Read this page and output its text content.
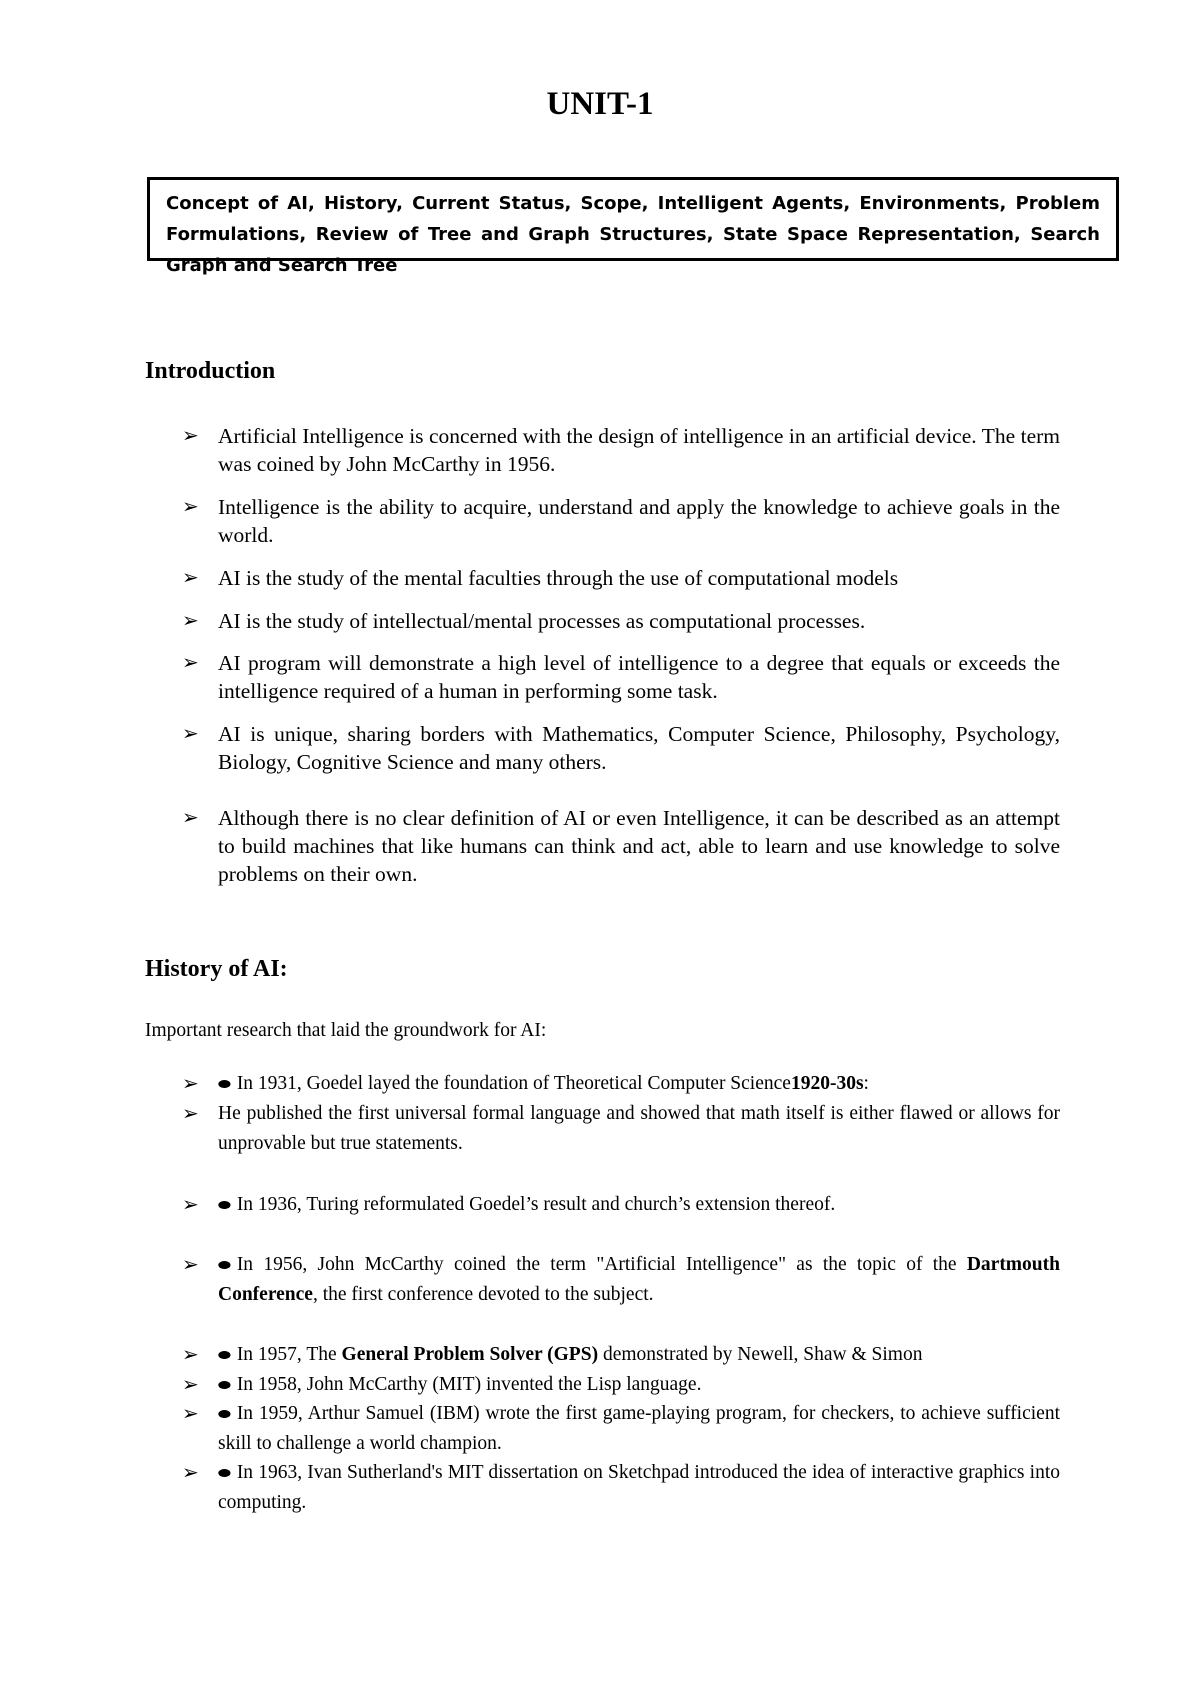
UNIT-1
Concept of AI, History, Current Status, Scope, Intelligent Agents, Environments, Problem Formulations, Review of Tree and Graph Structures, State Space Representation, Search Graph and Search Tree
Introduction
➢ Artificial Intelligence is concerned with the design of intelligence in an artificial device. The term was coined by John McCarthy in 1956.
➢ Intelligence is the ability to acquire, understand and apply the knowledge to achieve goals in the world.
➢ AI is the study of the mental faculties through the use of computational models
➢ AI is the study of intellectual/mental processes as computational processes.
➢ AI program will demonstrate a high level of intelligence to a degree that equals or exceeds the intelligence required of a human in performing some task.
➢ AI is unique, sharing borders with Mathematics, Computer Science, Philosophy, Psychology, Biology, Cognitive Science and many others.
➢ Although there is no clear definition of AI or even Intelligence, it can be described as an attempt to build machines that like humans can think and act, able to learn and use knowledge to solve problems on their own.
History of AI:

Important research that laid the groundwork for AI:

➢	⬬ In 1931, Goedel layed the foundation of Theoretical Computer Science1920-30s:
➢ He published the first universal formal language and showed that math itself is either flawed or allows for unprovable but true statements.
➢	⬬ In 1936, Turing reformulated Goedel’s result and church’s extension thereof.
➢	⬬ In 1956, John McCarthy coined the term "Artificial Intelligence" as the topic of the Dartmouth Conference, the first conference devoted to the subject.
➢	⬬ In 1957, The General Problem Solver (GPS) demonstrated by Newell, Shaw & Simon
➢	⬬ In 1958, John McCarthy (MIT) invented the Lisp language.
➢	⬬ In 1959, Arthur Samuel (IBM) wrote the first game-playing program, for checkers, to achieve sufficient skill to challenge a world champion.
➢	⬬ In 1963, Ivan Sutherland's MIT dissertation on Sketchpad introduced the idea of interactive graphics into computing.
